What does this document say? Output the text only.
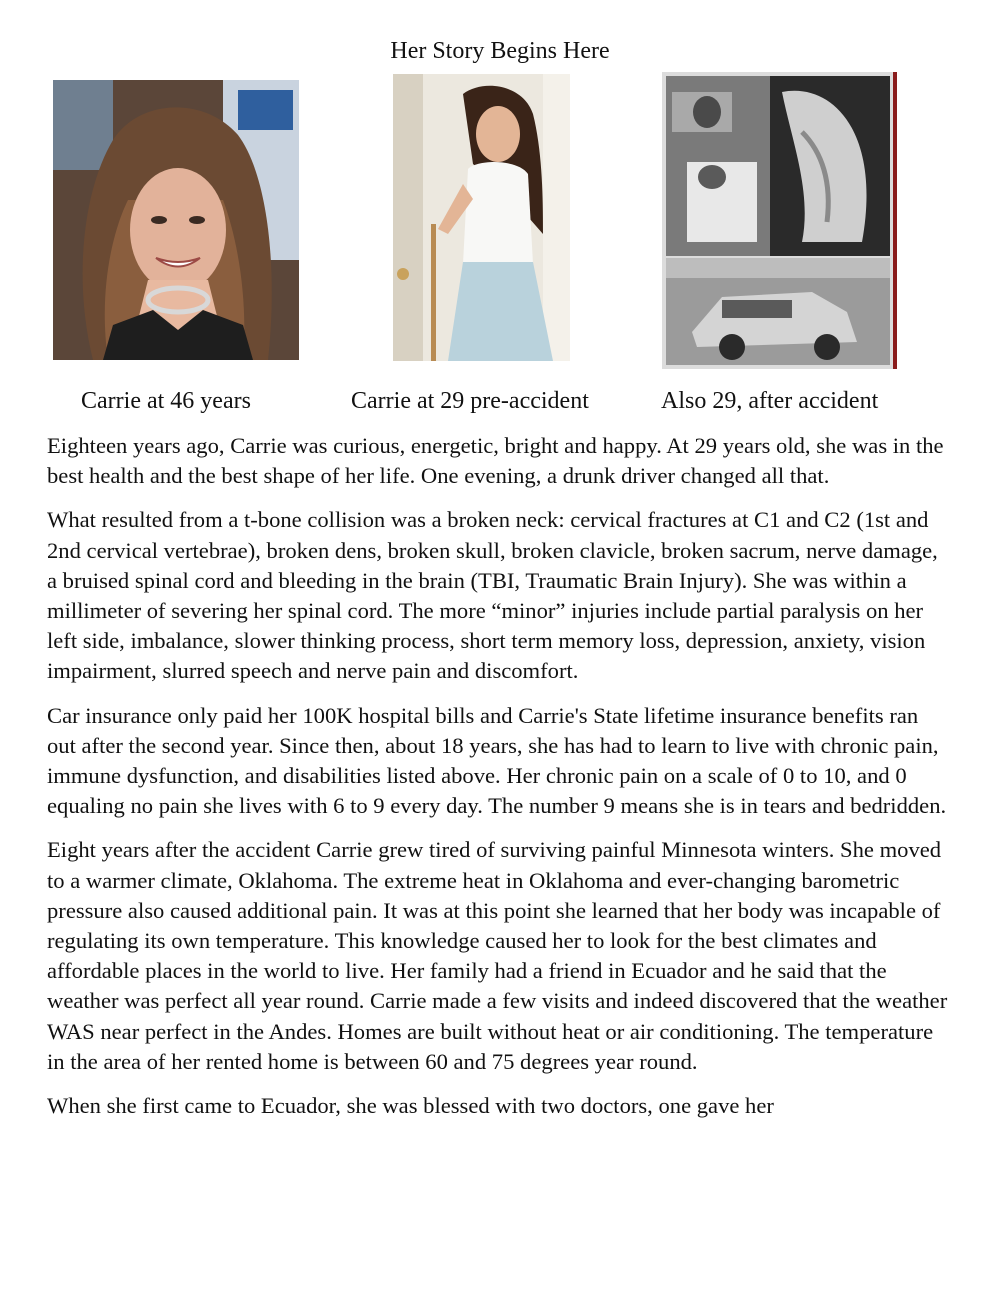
Her Story Begins Here
Carrie at 46 years	Carrie at 29 pre-accident	Also 29, after accident

Eighteen years ago, Carrie was curious, energetic, bright and happy. At 29 years old, she was in the best health and the best shape of her life. One evening, a drunk driver changed all that.

What resulted from a t-bone collision was a broken neck: cervical fractures at C1 and C2 (1st and 2nd cervical vertebrae), broken dens, broken skull, broken clavicle, broken sacrum, nerve damage, a bruised spinal cord and bleeding in the brain (TBI, Traumatic Brain Injury). She was within a millimeter of severing her spinal cord. The more “minor” injuries include partial paralysis on her left side, imbalance, slower thinking process, short term memory loss, depression, anxiety, vision impairment, slurred speech and nerve pain and discomfort.

Car insurance only paid her 100K hospital bills and Carrie's State lifetime insurance benefits ran out after the second year. Since then, about 18 years, she has had to learn to live with chronic pain, immune dysfunction, and disabilities listed above. Her chronic pain on a scale of 0 to 10, and 0 equaling no pain she lives with 6 to 9 every day. The number 9 means she is in tears and bedridden.

Eight years after the accident Carrie grew tired of surviving painful Minnesota winters. She moved to a warmer climate, Oklahoma. The extreme heat in Oklahoma and ever-changing barometric pressure also caused additional pain. It was at this point she learned that her body was incapable of regulating its own temperature. This knowledge caused her to look for the best climates and affordable places in the world to live. Her family had a friend in Ecuador and he said that the weather was perfect all year round. Carrie made a few visits and indeed discovered that the weather WAS near perfect in the Andes. Homes are built without heat or air conditioning. The temperature in the area of her rented home is between 60 and 75 degrees year round.

When she first came to Ecuador, she was blessed with two doctors, one gave her
